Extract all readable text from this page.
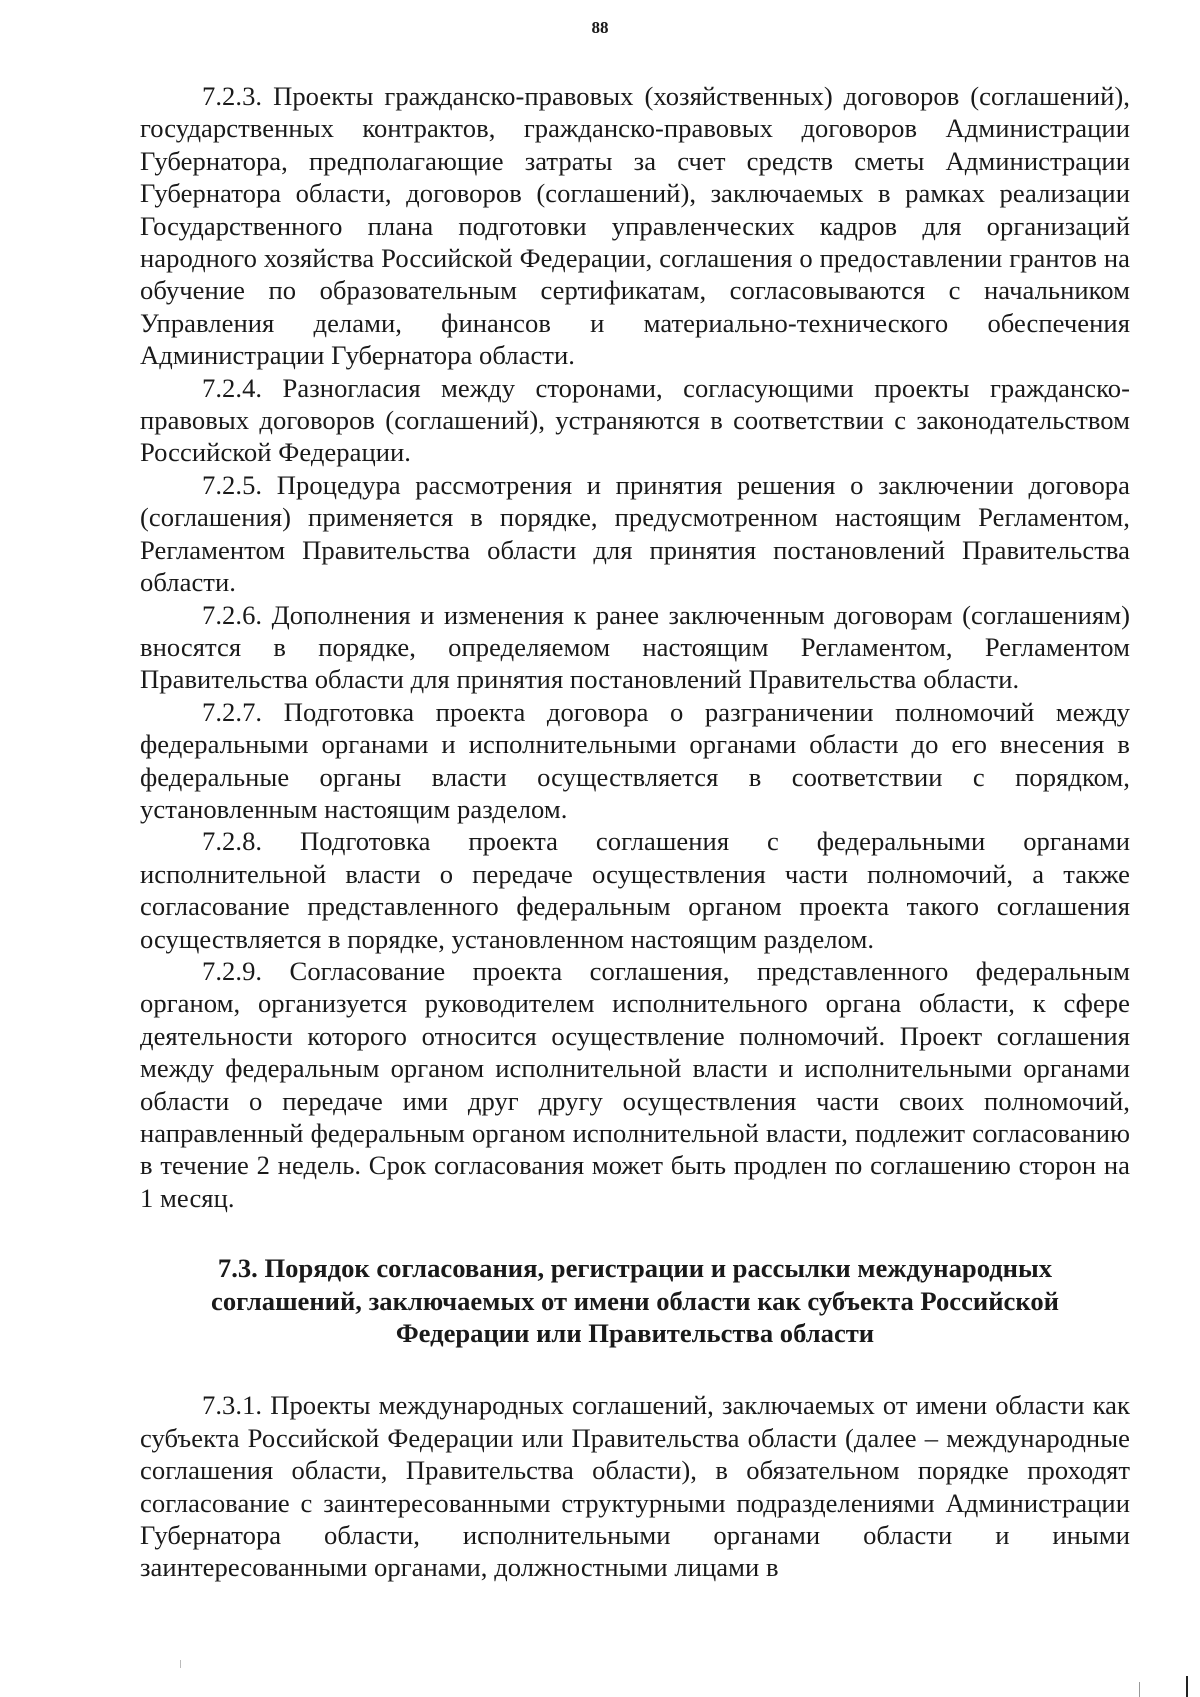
88

7.2.3. Проекты гражданско-правовых (хозяйственных) договоров (соглашений), государственных контрактов, гражданско-правовых договоров Администрации Губернатора, предполагающие затраты за счет средств сметы Администрации Губернатора области, договоров (соглашений), заключаемых в рамках реализации Государственного плана подготовки управленческих кадров для организаций народного хозяйства Российской Федерации, соглашения о предоставлении грантов на обучение по образовательным сертификатам, согласовываются с начальником Управления делами, финансов и материально-технического обеспечения Администрации Губернатора области.

7.2.4. Разногласия между сторонами, согласующими проекты гражданско-правовых договоров (соглашений), устраняются в соответствии с законодательством Российской Федерации.

7.2.5. Процедура рассмотрения и принятия решения о заключении договора (соглашения) применяется в порядке, предусмотренном настоящим Регламентом, Регламентом Правительства области для принятия постановлений Правительства области.

7.2.6. Дополнения и изменения к ранее заключенным договорам (соглашениям) вносятся в порядке, определяемом настоящим Регламентом, Регламентом Правительства области для принятия постановлений Правительства области.

7.2.7. Подготовка проекта договора о разграничении полномочий между федеральными органами и исполнительными органами области до его внесения в федеральные органы власти осуществляется в соответствии с порядком, установленным настоящим разделом.

7.2.8. Подготовка проекта соглашения с федеральными органами исполнительной власти о передаче осуществления части полномочий, а также согласование представленного федеральным органом проекта такого соглашения осуществляется в порядке, установленном настоящим разделом.

7.2.9. Согласование проекта соглашения, представленного федеральным органом, организуется руководителем исполнительного органа области, к сфере деятельности которого относится осуществление полномочий. Проект соглашения между федеральным органом исполнительной власти и исполнительными органами области о передаче ими друг другу осуществления части своих полномочий, направленный федеральным органом исполнительной власти, подлежит согласованию в течение 2 недель. Срок согласования может быть продлен по соглашению сторон на 1 месяц.

7.3. Порядок согласования, регистрации и рассылки международных соглашений, заключаемых от имени области как субъекта Российской Федерации или Правительства области

7.3.1. Проекты международных соглашений, заключаемых от имени области как субъекта Российской Федерации или Правительства области (далее – международные соглашения области, Правительства области), в обязательном порядке проходят согласование с заинтересованными структурными подразделениями Администрации Губернатора области, исполнительными органами области и иными заинтересованными органами, должностными лицами в
